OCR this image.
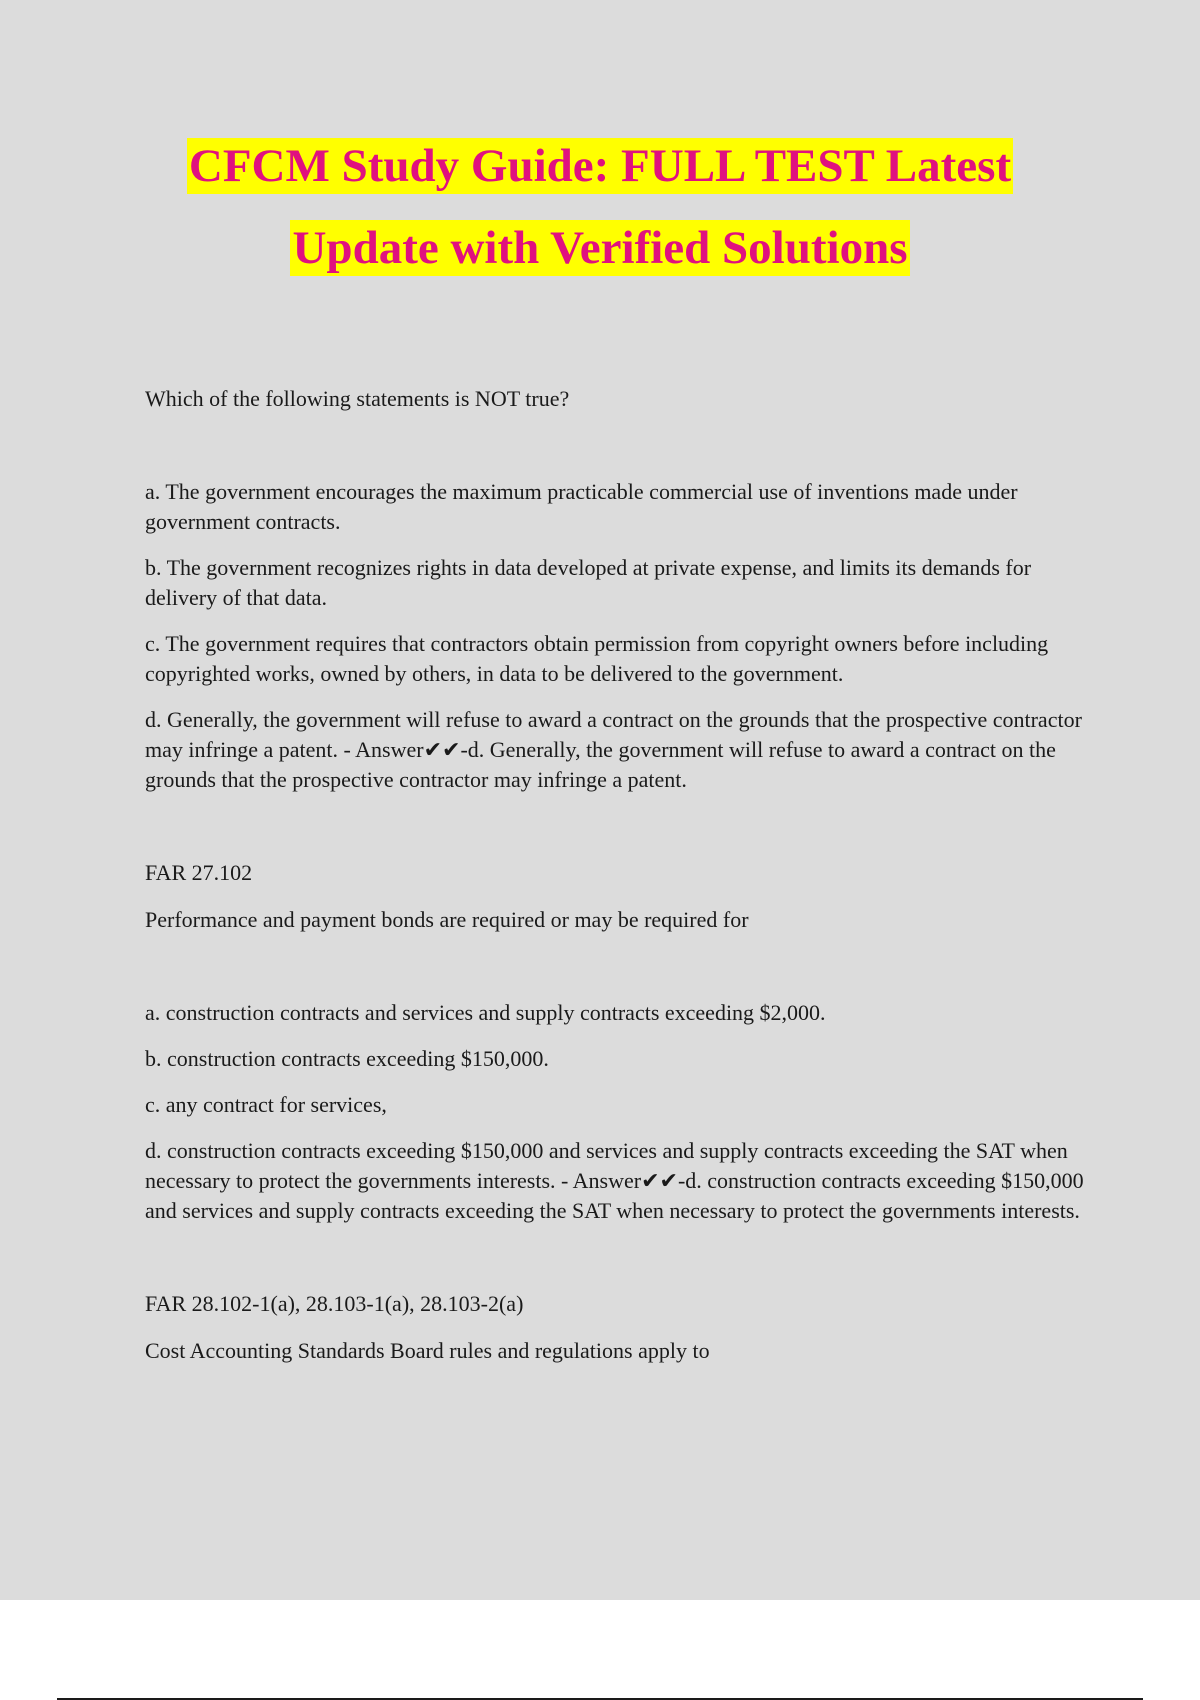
CFCM Study Guide: FULL TEST Latest
Update with Verified Solutions

Which of the following statements is NOT true?

a. The government encourages the maximum practicable commercial use of inventions made under government contracts.

b. The government recognizes rights in data developed at private expense, and limits its demands for delivery of that data.

c. The government requires that contractors obtain permission from copyright owners before including copyrighted works, owned by others, in data to be delivered to the government.

d. Generally, the government will refuse to award a contract on the grounds that the prospective contractor may infringe a patent. - Answer✔✔-d. Generally, the government will refuse to award a contract on the grounds that the prospective contractor may infringe a patent.

FAR 27.102

Performance and payment bonds are required or may be required for

a. construction contracts and services and supply contracts exceeding $2,000.

b. construction contracts exceeding $150,000.

c. any contract for services,

d. construction contracts exceeding $150,000 and services and supply contracts exceeding the SAT when necessary to protect the governments interests. - Answer✔✔-d. construction contracts exceeding $150,000 and services and supply contracts exceeding the SAT when necessary to protect the governments interests.

FAR 28.102-1(a), 28.103-1(a), 28.103-2(a)

Cost Accounting Standards Board rules and regulations apply to
